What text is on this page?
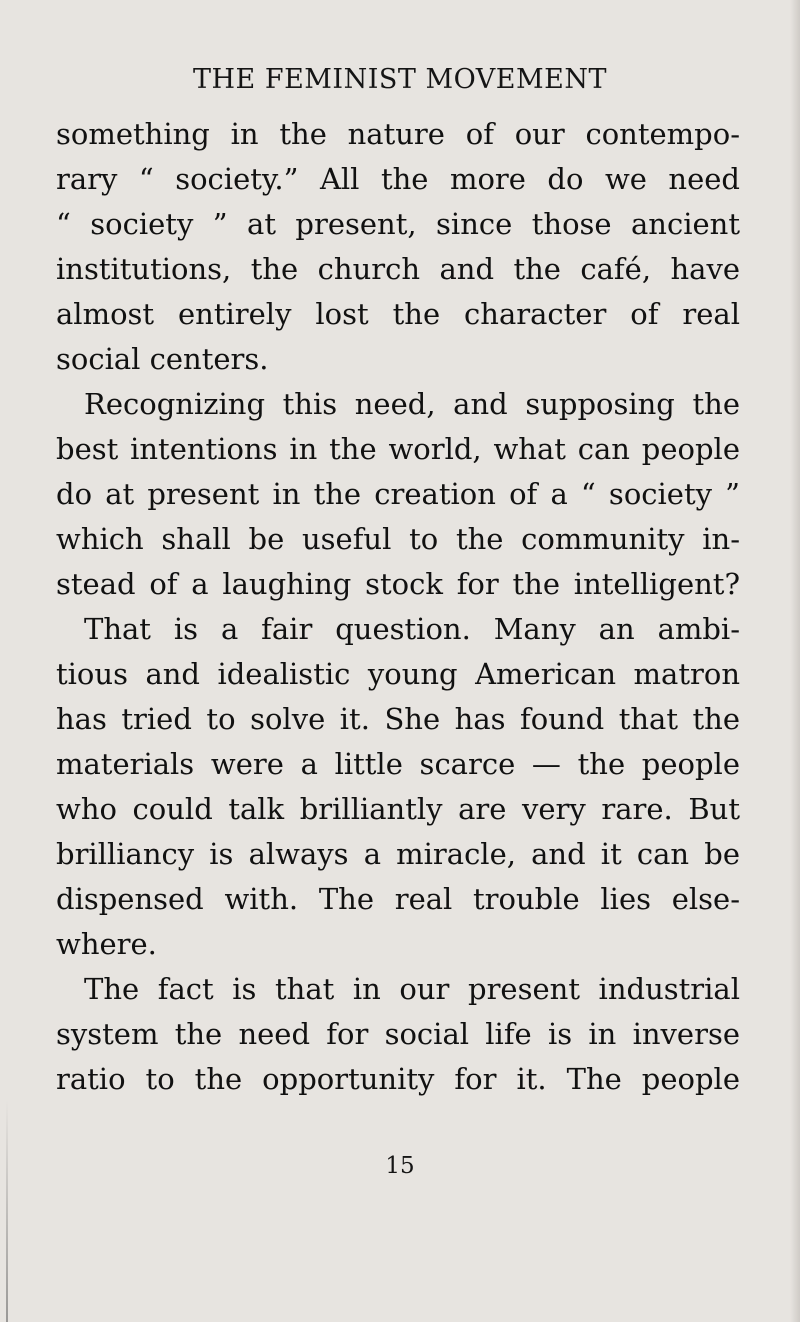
THE FEMINIST MOVEMENT
something in the nature of our contempo-
rary “ society.” All the more do we need
“ society ” at present, since those ancient
institutions, the church and the café, have
almost entirely lost the character of real
social centers.
Recognizing this need, and supposing the
best intentions in the world, what can people
do at present in the creation of a “ society ”
which shall be useful to the community in-
stead of a laughing stock for the intelligent?
That is a fair question. Many an ambi-
tious and idealistic young American matron
has tried to solve it. She has found that the
materials were a little scarce — the people
who could talk brilliantly are very rare. But
brilliancy is always a miracle, and it can be
dispensed with. The real trouble lies else-
where.
The fact is that in our present industrial
system the need for social life is in inverse
ratio to the opportunity for it. The people
15
